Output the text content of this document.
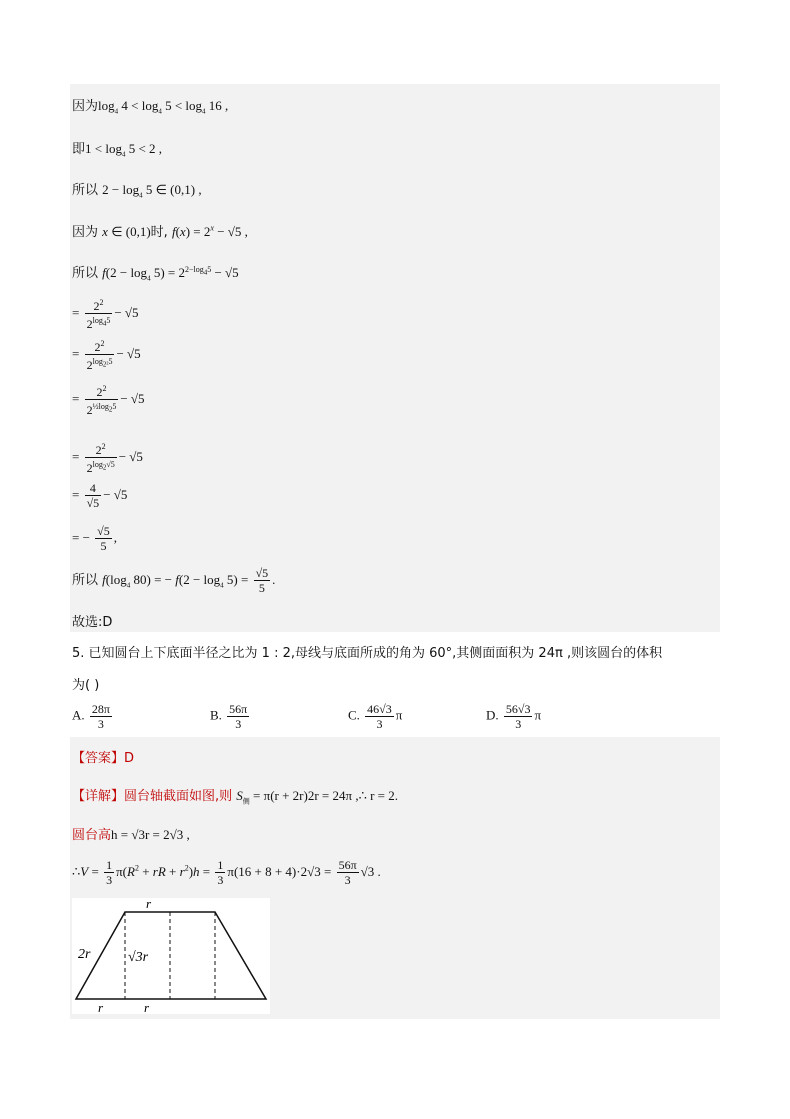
因为$\log_4 4 < \log_4 5 < \log_4 16$ ,
即$1 < \log_4 5 < 2$ ,
所以 $2 - \log_4 5$ ∈ (0,1) ,
因为 x ∈ (0,1)时, $f(x) = 2^x - √5$ ,
所以 $f(2 - \log_4 5) = 2^{2-log_45} - √5$
= $\frac{2^2}{2^{log_45}} - √5$
= $\frac{2^2}{2^{log_{2^2}5}} - √5$
= $\frac{2^2}{2^{\frac{1}{2}log_25}} - √5$
= $\frac{2^2}{2^{log_2√5}} - √5$
= $\frac{4}{√5} - √5$
= − $\frac{√5}{5}$ ,
所以 $f(\log_4$ 80) = − $f(2 - \log_4 5) = \frac{√5}{5}$ .
故选:D
5. 已知圆台上下底面半径之比为 1 : 2,母线与底面所成的角为 60°,其侧面面积为 24π ,则该圆台的体积
为( )
A. $\frac{28\pi}{3}$	B. $\frac{56\pi}{3}$	C. $\frac{46√3}{3}$ π	D. $\frac{56√3}{3}$ π
【答案】D
【详解】圆台轴截面如图,则 $S_侧 = \pi(r + 2r)2r = 24\pi$ ,∴ r = 2.
圆台高h = √3r = 2√3 ,
∴V = $\frac{1}{3} \pi(R^2$ + rR + $r^2)h = \frac{1}{3} \pi(16 + 8 + 4)\cdot 2√3 = \frac{56\pi}{3} √3$ .
r
2r	√3r
r	r
